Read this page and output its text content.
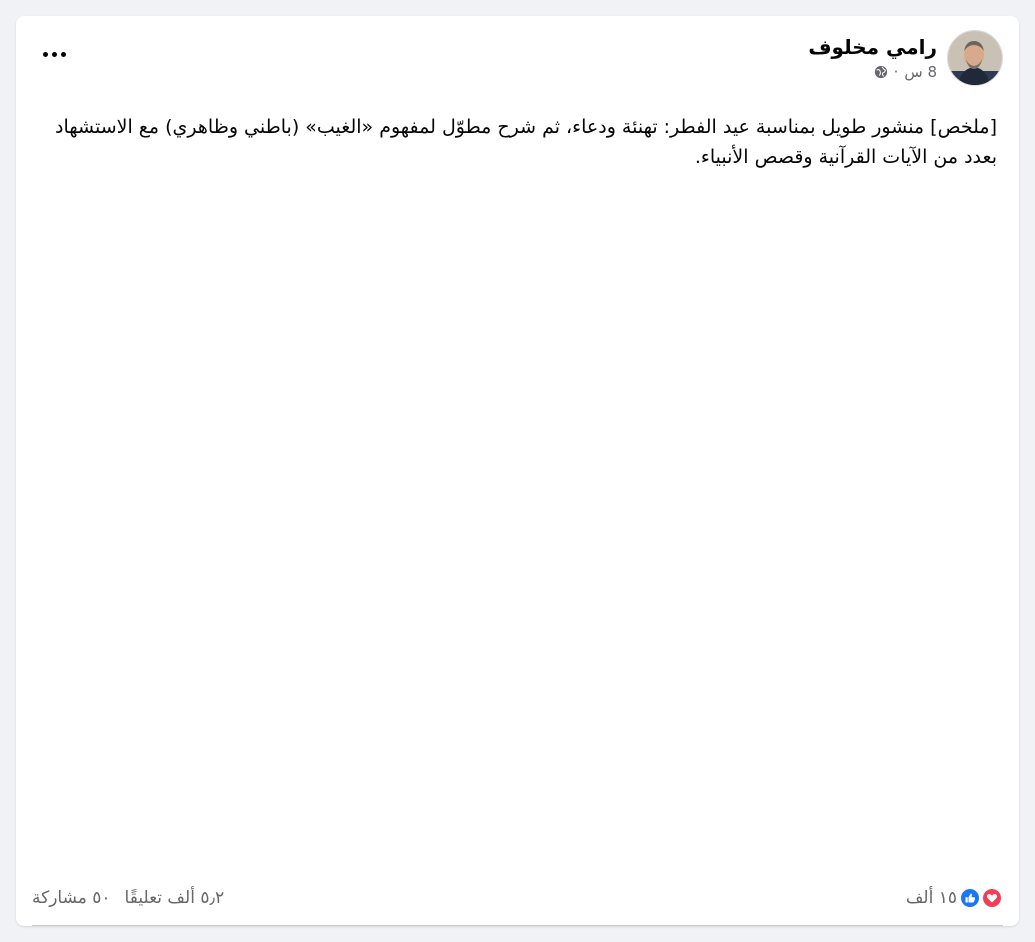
رامي مخلوف
8 س
·
[ملخص] منشور طويل بمناسبة عيد الفطر: تهنئة ودعاء، ثم شرح مطوّل لمفهوم «الغيب» (باطني وظاهري) مع الاستشهاد بعدد من الآيات القرآنية وقصص الأنبياء.
١٥ ألف
٥٫٢ ألف تعليقًا
٥٠ مشاركة
